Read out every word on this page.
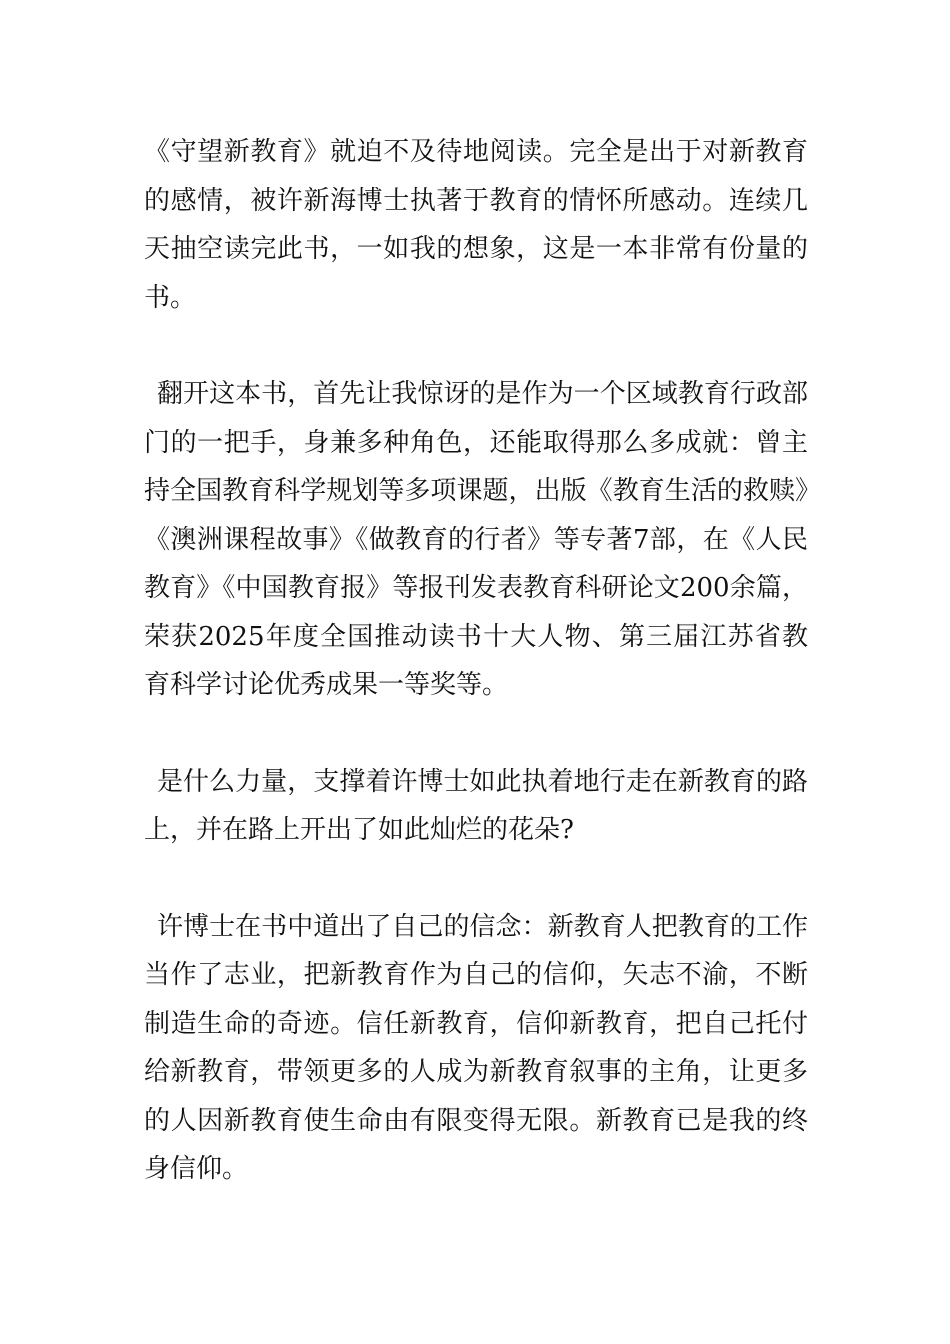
《守望新教育》就迫不及待地阅读。完全是出于对新教育的感情，被许新海博士执著于教育的情怀所感动。连续几天抽空读完此书，一如我的想象，这是一本非常有份量的书。

翻开这本书，首先让我惊讶的是作为一个区域教育行政部门的一把手，身兼多种角色，还能取得那么多成就：曾主持全国教育科学规划等多项课题，出版《教育生活的救赎》《澳洲课程故事》《做教育的行者》等专著7部，在《人民教育》《中国教育报》等报刊发表教育科研论文200余篇，荣获2025年度全国推动读书十大人物、第三届江苏省教育科学讨论优秀成果一等奖等。

是什么力量，支撑着许博士如此执着地行走在新教育的路上，并在路上开出了如此灿烂的花朵?

许博士在书中道出了自己的信念：新教育人把教育的工作当作了志业，把新教育作为自己的信仰，矢志不渝，不断制造生命的奇迹。信任新教育，信仰新教育，把自己托付给新教育，带领更多的人成为新教育叙事的主角，让更多的人因新教育使生命由有限变得无限。新教育已是我的终身信仰。
